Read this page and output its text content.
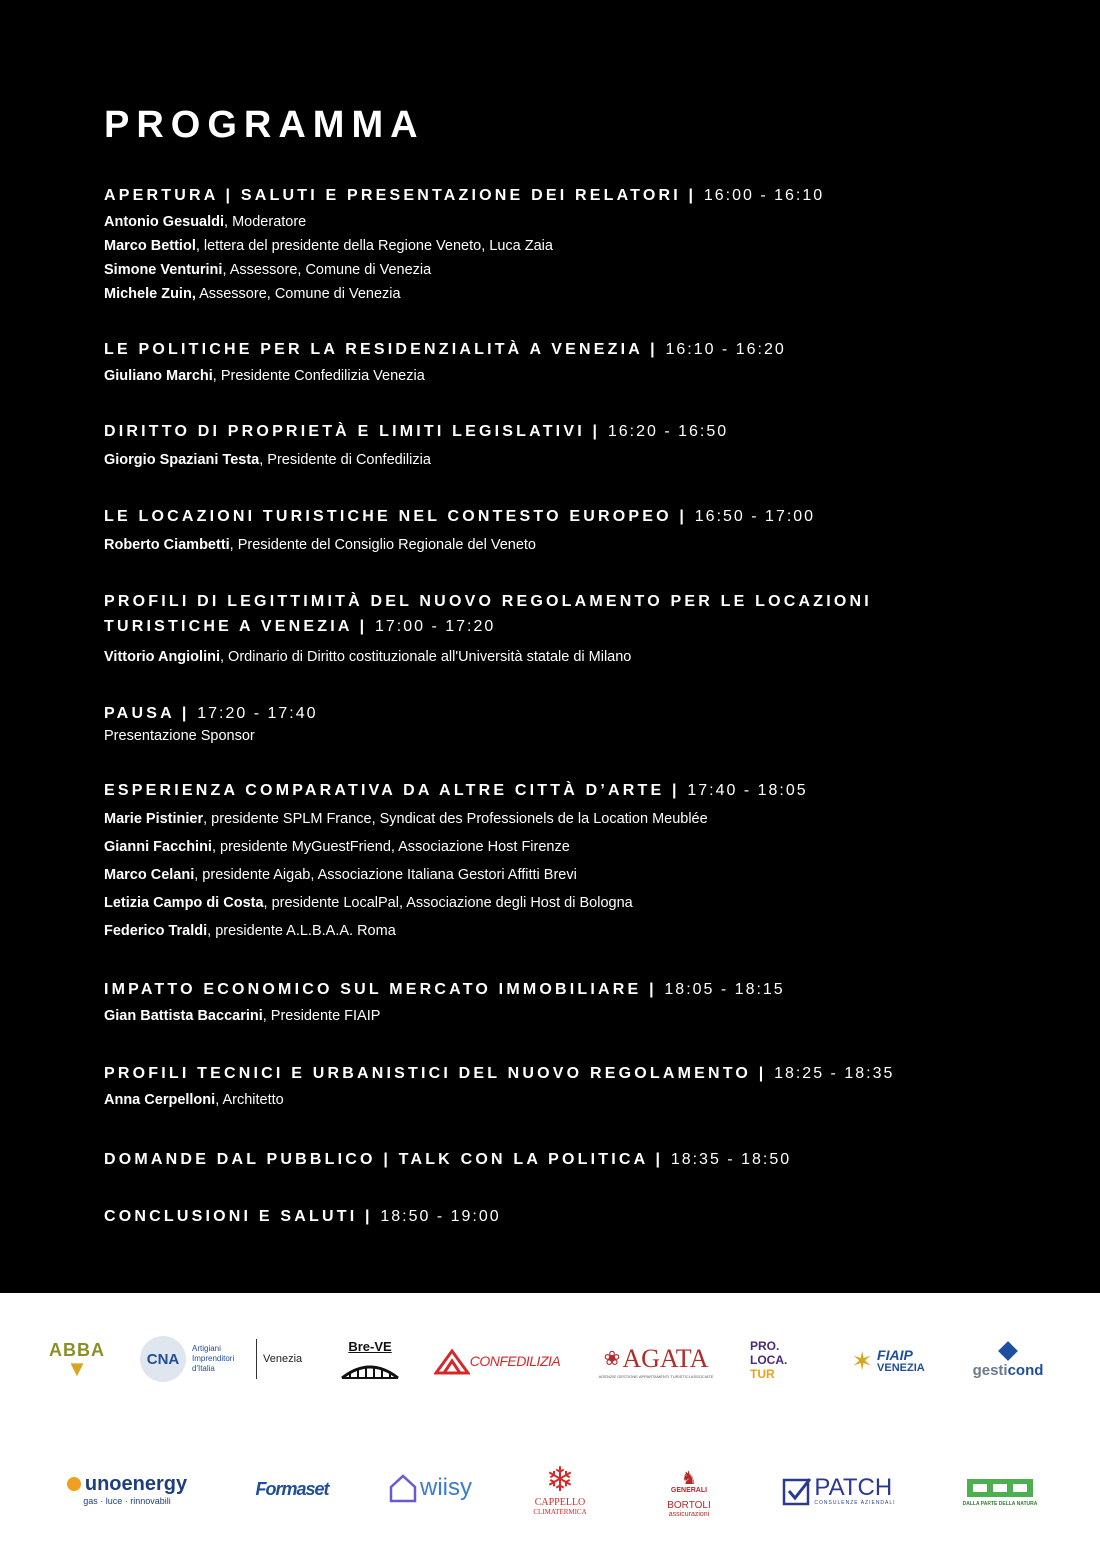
PROGRAMMA
APERTURA | SALUTI E PRESENTAZIONE DEI RELATORI | 16:00 - 16:10
Antonio Gesualdi, Moderatore
Marco Bettiol, lettera del presidente della Regione Veneto, Luca Zaia
Simone Venturini, Assessore, Comune di Venezia
Michele Zuin, Assessore, Comune di Venezia
LE POLITICHE PER LA RESIDENZIALITÀ A VENEZIA | 16:10 - 16:20
Giuliano Marchi, Presidente Confedilizia Venezia
DIRITTO DI PROPRIETÀ E LIMITI LEGISLATIVI | 16:20 - 16:50
Giorgio Spaziani Testa, Presidente di Confedilizia
LE LOCAZIONI TURISTICHE NEL CONTESTO EUROPEO | 16:50 - 17:00
Roberto Ciambetti, Presidente del Consiglio Regionale del Veneto
PROFILI DI LEGITTIMITÀ DEL NUOVO REGOLAMENTO PER LE LOCAZIONI
TURISTICHE A VENEZIA | 17:00 - 17:20
Vittorio Angiolini, Ordinario di Diritto costituzionale all'Università statale di Milano
PAUSA | 17:20 - 17:40
Presentazione Sponsor
ESPERIENZA COMPARATIVA DA ALTRE CITTÀ D’ARTE | 17:40 - 18:05
Marie Pistinier, presidente SPLM France, Syndicat des Professionels de la Location Meublée
Gianni Facchini, presidente MyGuestFriend, Associazione Host Firenze
Marco Celani, presidente Aigab, Associazione Italiana Gestori Affitti Brevi
Letizia Campo di Costa, presidente LocalPal, Associazione degli Host di Bologna
Federico Traldi, presidente A.L.B.A.A. Roma
IMPATTO ECONOMICO SUL MERCATO IMMOBILIARE | 18:05 - 18:15
Gian Battista Baccarini, Presidente FIAIP
PROFILI TECNICI E URBANISTICI DEL NUOVO REGOLAMENTO | 18:25 - 18:35
Anna Cerpelloni, Architetto
DOMANDE DAL PUBBLICO | TALK CON LA POLITICA | 18:35 - 18:50
CONCLUSIONI E SALUTI | 18:50 - 19:00
ABBA
▼	CNA
Artigiani Imprenditori d'Italia
Venezia
Bre-VE
CONFEDILIZIA ❀ AGATA
AGENZIE GESTIONE APPARTAMENTI TURISTICI ASSOCIATE
PRO.
LOCA.
TUR	✶ FIAIP
VENEZIA	gesticond
unoenergy
gas · luce · rinnovabili
Formaset	wiisy ❄
CAPPELLO
CLIMATERMICA
♞
GENERALI
BORTOLI
assicurazioni
PATCH
CONSULENZE AZIENDALI	DALLA PARTE DELLA NATURA
